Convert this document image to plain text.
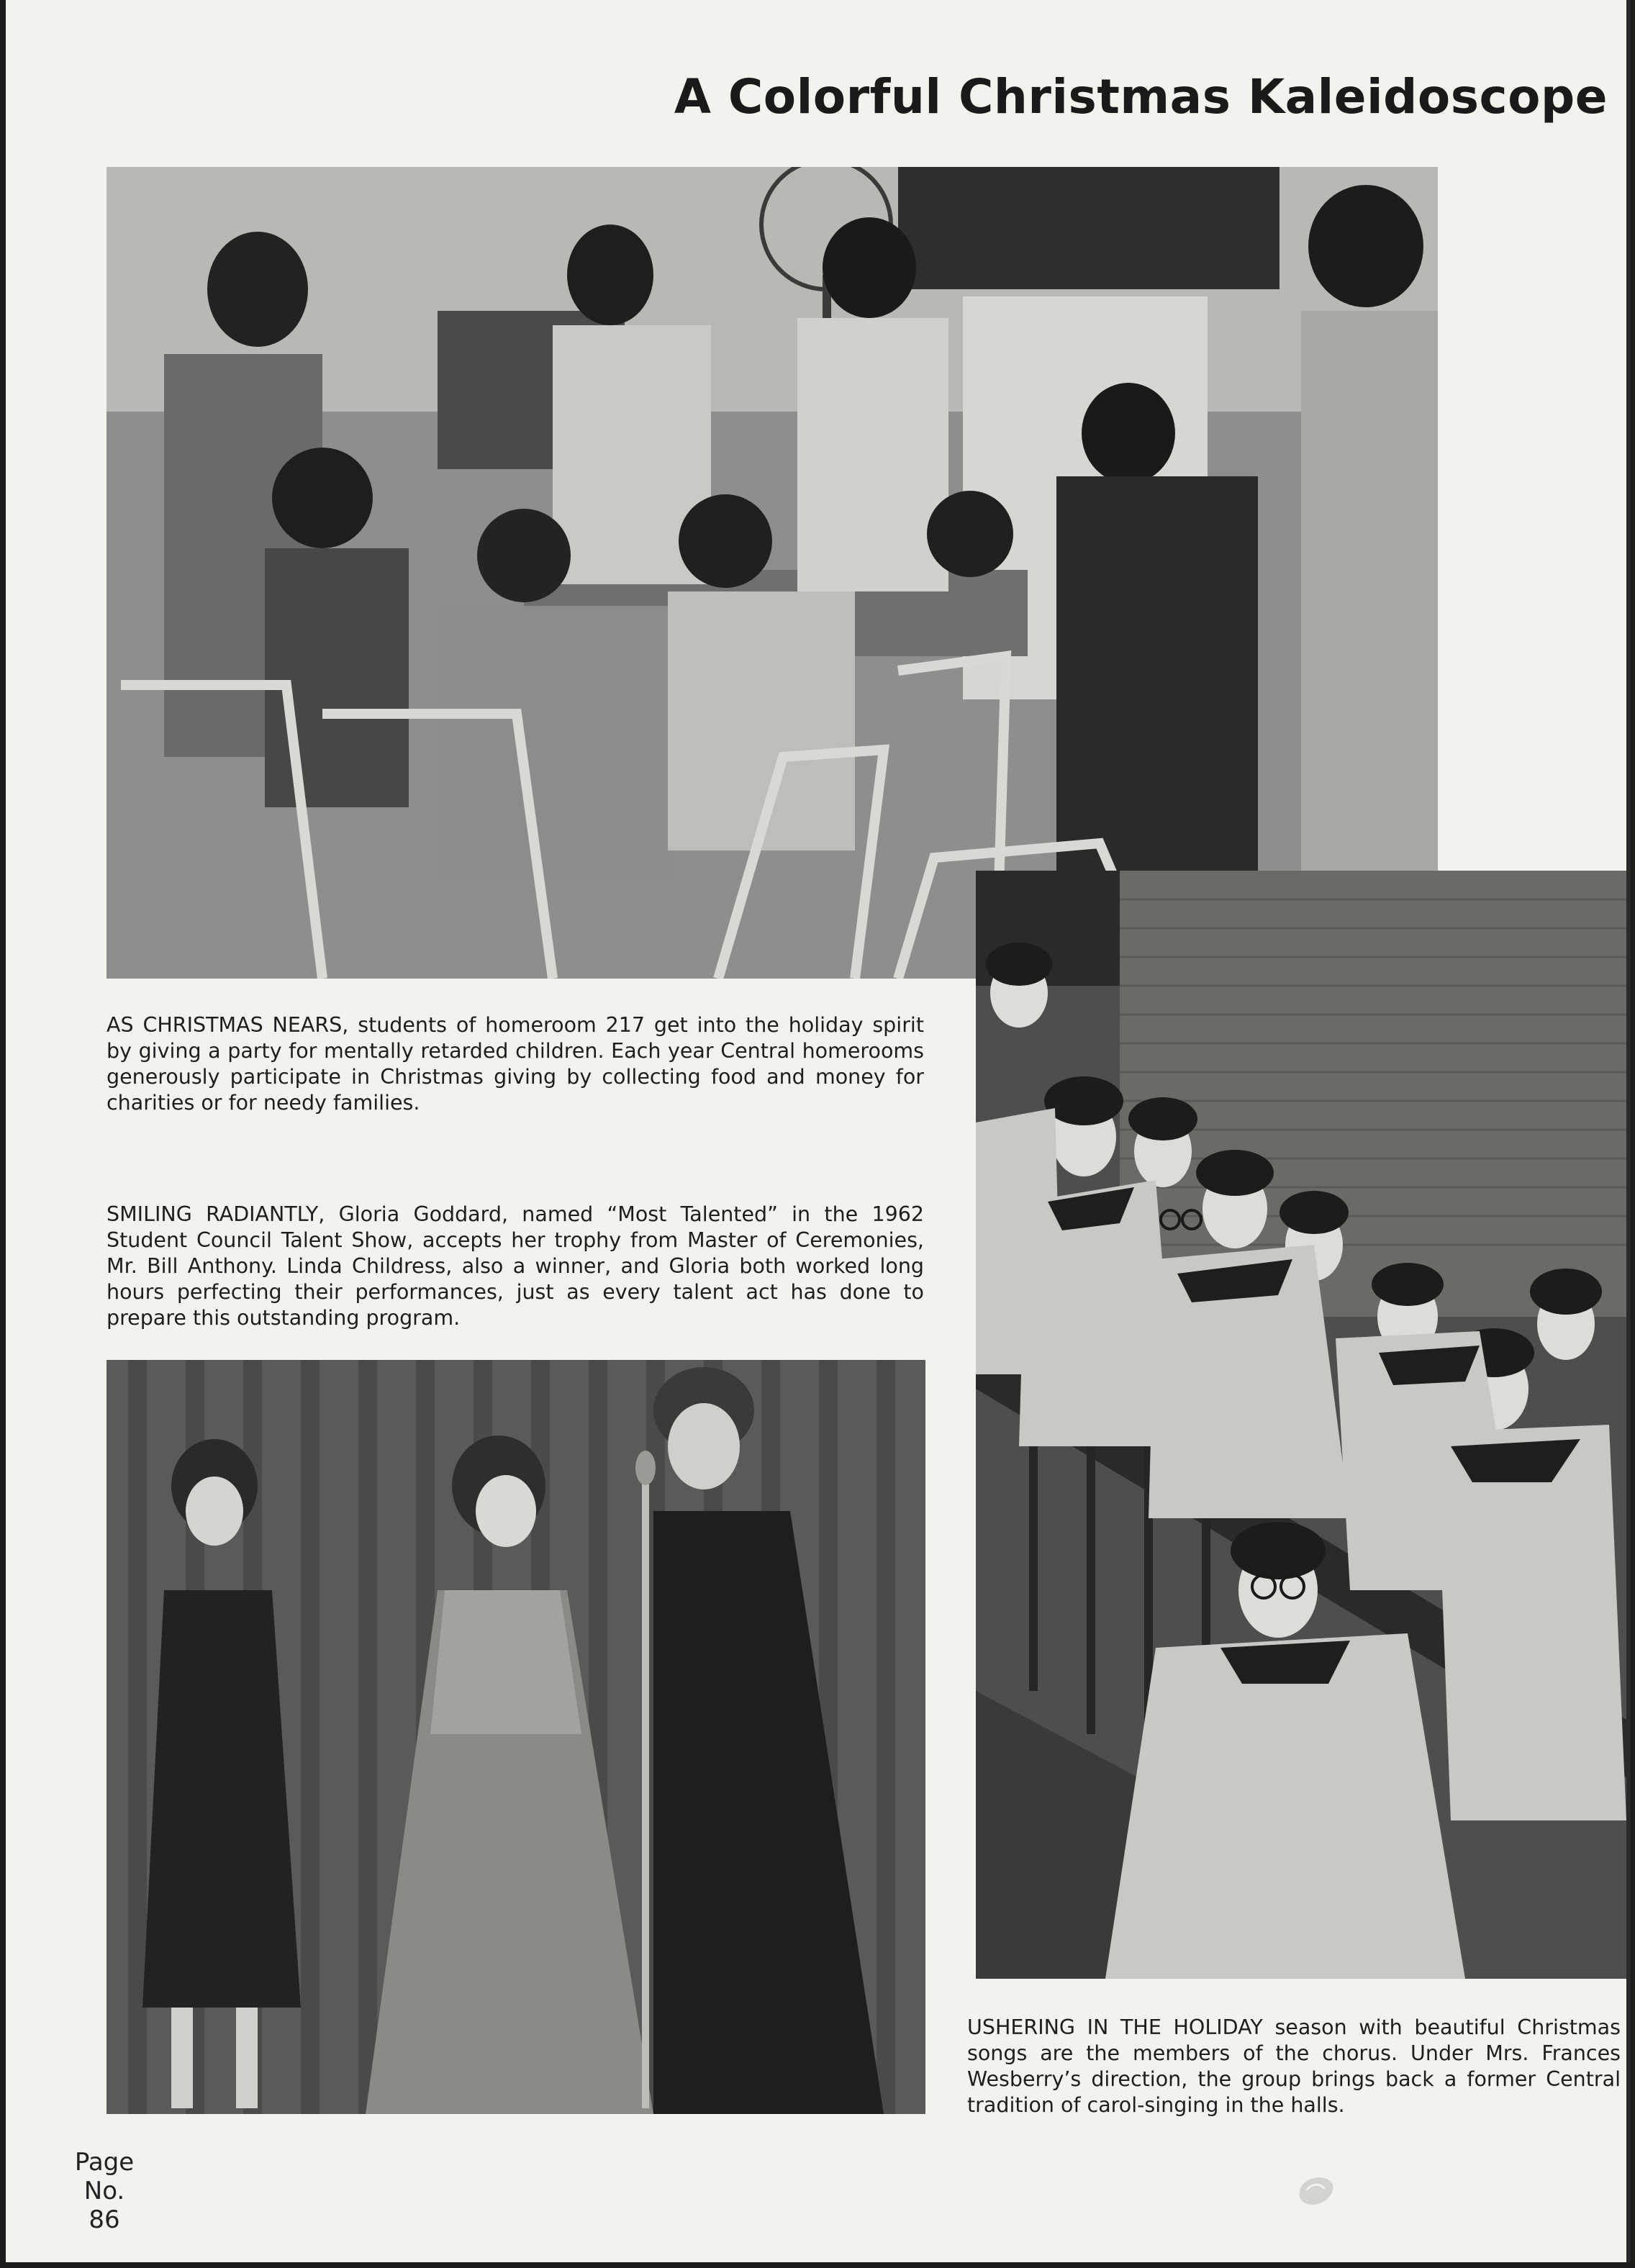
A Colorful Christmas Kaleidoscope

AS CHRISTMAS NEARS, students of homeroom 217 get into the holiday spirit by giving a party for mentally retarded children. Each year Central homerooms generously participate in Christmas giving by collecting food and money for charities or for needy families.

SMILING RADIANTLY, Gloria Goddard, named “Most Talented” in the 1962 Student Council Talent Show, accepts her trophy from Master of Ceremonies, Mr. Bill Anthony. Linda Childress, also a winner, and Gloria both worked long hours perfecting their performances, just as every talent act has done to prepare this outstanding program.

USHERING IN THE HOLIDAY season with beautiful Christmas songs are the members of the chorus. Under Mrs. Frances Wesberry’s direction, the group brings back a former Central tradition of carol-singing in the halls.

Page
No.
86
